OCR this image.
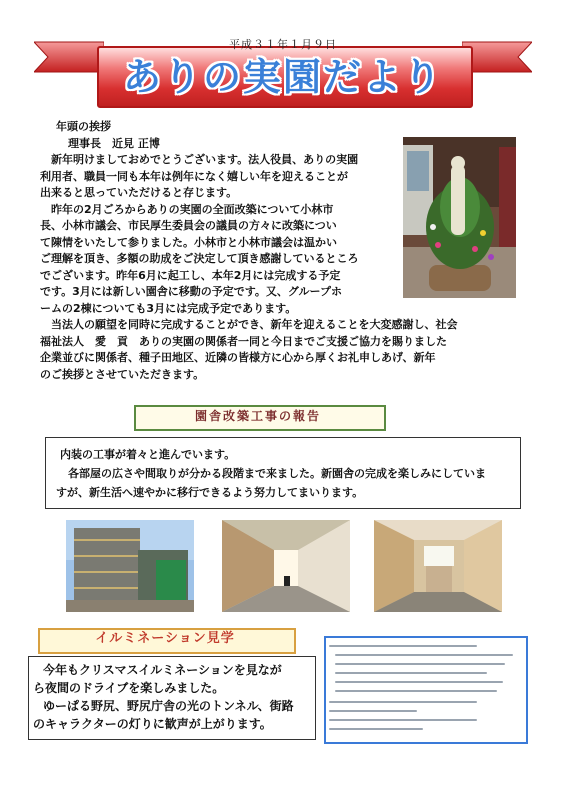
平成３１年１月９日
ありの実園だより
年頭の挨拶
理事長　近見 正博
　新年明けましておめでとうございます。法人役員、ありの実園
利用者、職員一同も本年は例年になく嬉しい年を迎えることが
出来ると思っていただけると存じます。
　昨年の2月ごろからありの実園の全面改築について小林市
長、小林市議会、市民厚生委員会の議員の方々に改築につい
て陳情をいたして参りました。小林市と小林市議会は温かい
ご理解を頂き、多額の助成をご決定して頂き感謝しているところ
でございます。昨年6月に起工し、本年2月には完成する予定
です。3月には新しい園舎に移動の予定です。又、グループホ
ームの2棟についても3月には完成予定であります。
　当法人の願望を同時に完成することができ、新年を迎えることを大変感謝し、社会
福祉法人　愛　貢　ありの実園の関係者一同と今日までご支援ご協力を賜りました
企業並びに関係者、種子田地区、近隣の皆様方に心から厚くお礼申しあげ、新年
のご挨拶とさせていただきます。
園舎改築工事の報告
内装の工事が着々と進んでいます。
各部屋の広さや間取りが分かる段階まで来ました。新園舎の完成を楽しみにしていま
すが、新生活へ速やかに移行できるよう努力してまいります。
イルミネーション見学
今年もクリスマスイルミネーションを見なが
ら夜間のドライブを楽しみました。
ゆーぱる野尻、野尻庁舎の光のトンネル、街路
のキャラクターの灯りに歓声が上がります。
